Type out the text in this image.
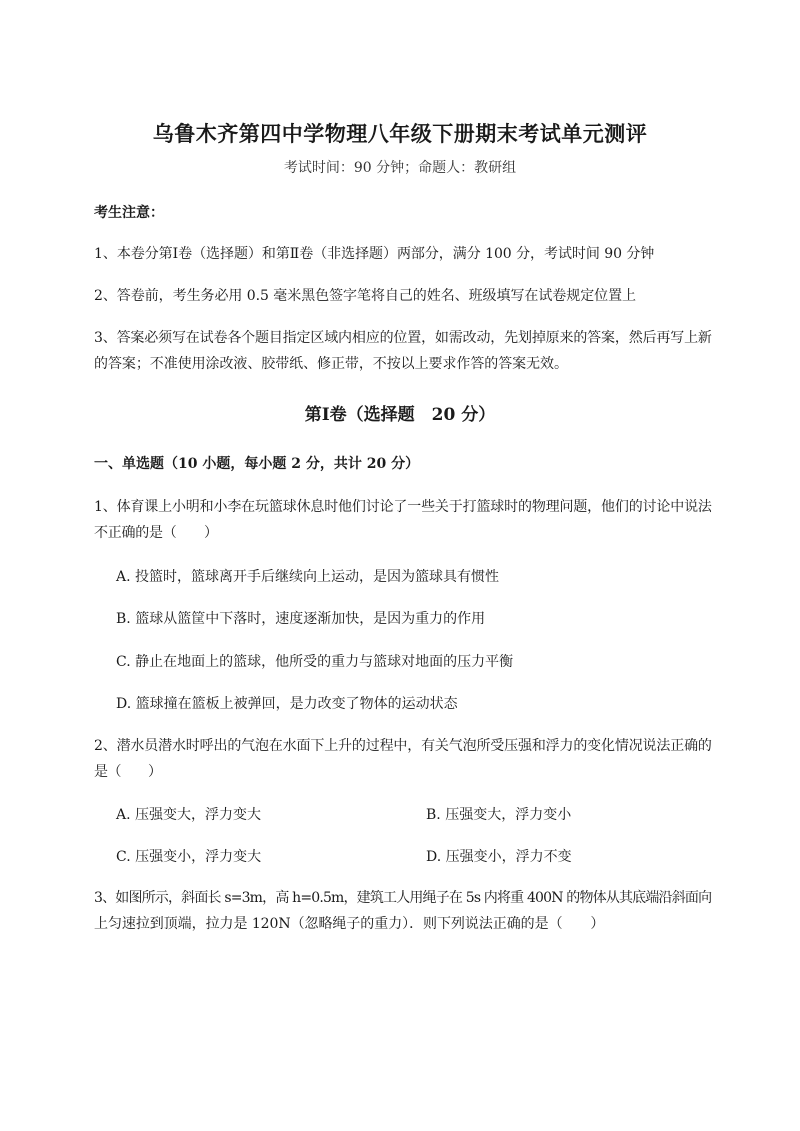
乌鲁木齐第四中学物理八年级下册期末考试单元测评
考试时间：90 分钟；命题人：教研组
考生注意：
1、本卷分第Ⅰ卷（选择题）和第Ⅱ卷（非选择题）两部分，满分 100 分，考试时间 90 分钟
2、答卷前，考生务必用 0.5 毫米黑色签字笔将自己的姓名、班级填写在试卷规定位置上
3、答案必须写在试卷各个题目指定区域内相应的位置，如需改动，先划掉原来的答案，然后再写上新
的答案；不准使用涂改液、胶带纸、修正带，不按以上要求作答的答案无效。
第Ⅰ卷（选择题　20 分）
一、单选题（10 小题，每小题 2 分，共计 20 分）
1、体育课上小明和小李在玩篮球休息时他们讨论了一些关于打篮球时的物理问题，他们的讨论中说法
不正确的是（　　）
A. 投篮时，篮球离开手后继续向上运动，是因为篮球具有惯性
B. 篮球从篮筐中下落时，速度逐渐加快，是因为重力的作用
C. 静止在地面上的篮球，他所受的重力与篮球对地面的压力平衡
D. 篮球撞在篮板上被弹回，是力改变了物体的运动状态
2、潜水员潜水时呼出的气泡在水面下上升的过程中，有关气泡所受压强和浮力的变化情况说法正确的
是（　　）
A. 压强变大，浮力变大	B. 压强变大，浮力变小
C. 压强变小，浮力变大	D. 压强变小，浮力不变
3、如图所示，斜面长 s=3m，高 h=0.5m，建筑工人用绳子在 5s 内将重 400N 的物体从其底端沿斜面向
上匀速拉到顶端，拉力是 120N（忽略绳子的重力）．则下列说法正确的是（　　）
